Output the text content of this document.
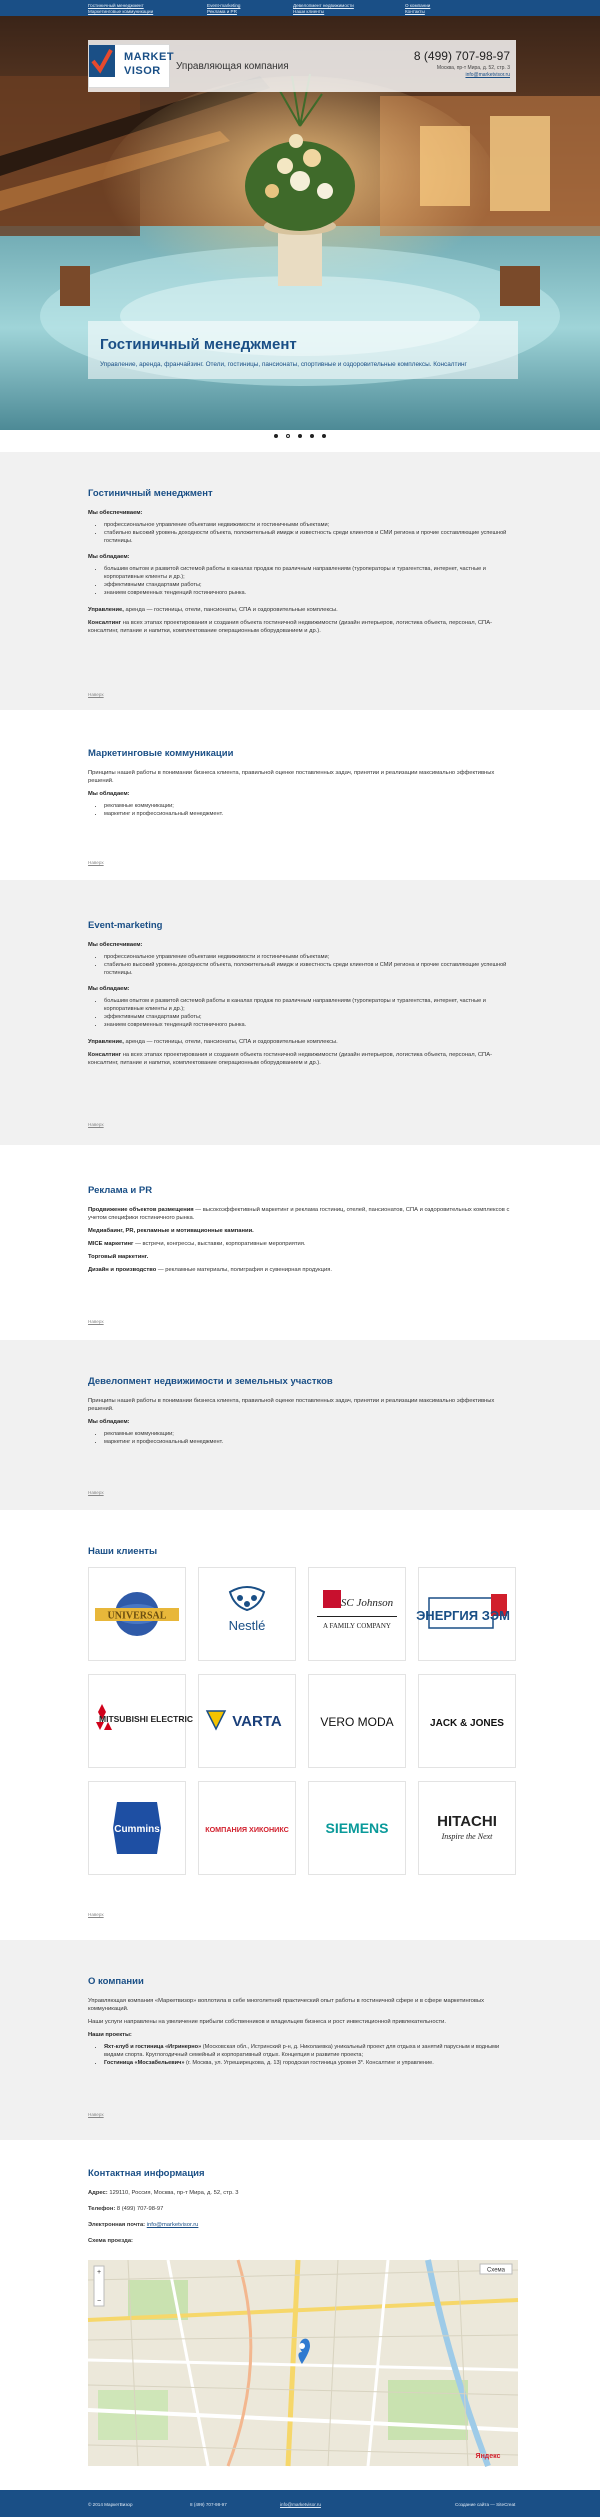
Гостиничный менеджмент
Маркетинговые коммуникации
Event-marketing
Реклама и PR
Девелопмент недвижимости
Наши клиенты
О компании
Контакты
MARKET
VISOR Управляющая компания
8 (499) 707-98-97
Москва, пр-т Мира, д. 52, стр. 3
info@marketvisor.ru
Гостиничный менеджмент
Управление, аренда, франчайзинг. Отели, гостиницы, пансионаты, спортивные и оздоровительные комплексы. Консалтинг
Гостиничный менеджмент

Мы обеспечиваем:

• профессиональное управление объектами недвижимости и гостиничными объектами;
• стабильно высокий уровень доходности объекта, положительный имидж и известность среди клиентов и СМИ региона и прочие составляющие успешной гостиницы.

Мы обладаем:

• большим опытом и развитой системой работы в каналах продаж по различным направлениям (туроператоры и турагентства, интернет, частные и корпоративные клиенты и др.);
• эффективными стандартами работы;
• знанием современных тенденций гостиничного рынка.

Управление, аренда — гостиницы, отели, пансионаты, СПА и оздоровительные комплексы.

Консалтинг на всех этапах проектирования и создания объекта гостиничной недвижимости (дизайн интерьеров, логистика объекта, персонал, СПА-консалтинг, питание и напитки, комплектование операционным оборудованием и др.).

Наверх
Маркетинговые коммуникации

Принципы нашей работы в понимании бизнеса клиента, правильной оценке поставленных задач, принятии и реализации максимально эффективных решений.

Мы обладаем:

• рекламные коммуникации;
• маркетинг и профессиональный менеджмент.
Наверх
Event-marketing

Мы обеспечиваем:

• профессиональное управление объектами недвижимости и гостиничными объектами;
• стабильно высокий уровень доходности объекта, положительный имидж и известность среди клиентов и СМИ региона и прочие составляющие успешной гостиницы.

Мы обладаем:

• большим опытом и развитой системой работы в каналах продаж по различным направлениям (туроператоры и турагентства, интернет, частные и корпоративные клиенты и др.);
• эффективными стандартами работы;
• знанием современных тенденций гостиничного рынка.

Управление, аренда — гостиницы, отели, пансионаты, СПА и оздоровительные комплексы.

Консалтинг на всех этапах проектирования и создания объекта гостиничной недвижимости (дизайн интерьеров, логистика объекта, персонал, СПА-консалтинг, питание и напитки, комплектование операционным оборудованием и др.).

Наверх
Реклама и PR

Продвижение объектов размещения — высокоэффективный маркетинг и реклама гостиниц, отелей, пансионатов, СПА и оздоровительных комплексов с учетом специфики гостиничного рынка.

Медиабаинг, PR, рекламные и мотивационные кампании.

MICE маркетинг — встречи, конгрессы, выставки, корпоративные мероприятия.

Торговый маркетинг.

Дизайн и производство — рекламные материалы, полиграфия и сувенирная продукция.

Наверх
Девелопмент недвижимости и земельных участков

Принципы нашей работы в понимании бизнеса клиента, правильной оценке поставленных задач, принятии и реализации максимально эффективных решений.

Мы обладаем:

• рекламные коммуникации;
• маркетинг и профессиональный менеджмент.
Наверх
Наши клиенты
UNIVERSAL
Nestlé
SC Johnson
A FAMILY COMPANY
ЭНЕРГИЯ ЗЭМ
MITSUBISHI ELECTRIC	VARTA	VERO MODA	JACK & JONES
Cummins	КОМПАНИЯ ХИКОНИКС	SIEMENS	HITACHI
Inspire the Next
Наверх
О компании

Управляющая компания «Маркетвизор» воплотила в себе многолетний практический опыт работы в гостиничной сфере и в сфере маркетинговых коммуникаций.

Наши услуги направлены на увеличение прибыли собственников и владельцев бизнеса и рост инвестиционной привлекательности.

Наши проекты:

• Яхт-клуб и гостиница «Игринерно» (Московская обл., Истринский р-н, д. Николаевка) уникальный проект для отдыха и занятий парусным и водными видами спорта. Круглогодичный семейный и корпоративный отдых. Концепция и развитие проекта;
• Гостиница «Мосзабельевич» (г. Москва, ул. Угреширецкова, д. 13) городская гостиница уровня 3*. Консалтинг и управление.
Наверх
Контактная информация

Адрес: 129110, Россия, Москва, пр-т Мира, д. 52, стр. 3

Телефон: 8 (499) 707-98-97

Электронная почта: info@marketvisor.ru

Схема проезда:

Схема
+
−
Яндекс
© 2014 МаркетВизор	8 (499) 707-98-97	info@marketvisor.ru	Создание сайта — SiteCreat
